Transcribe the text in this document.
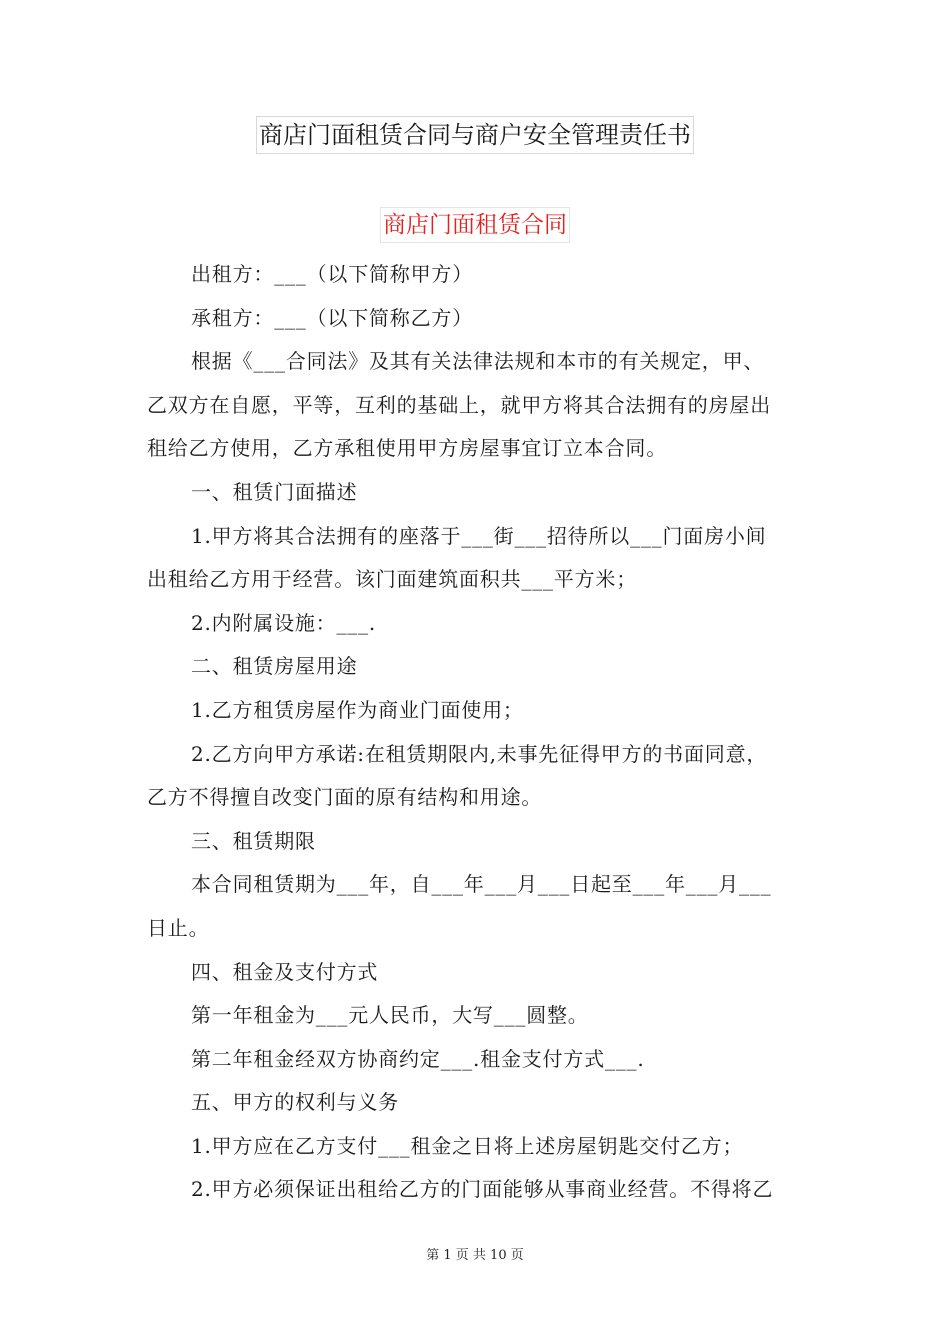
商店门面租赁合同与商户安全管理责任书
商店门面租赁合同

出租方：___（以下简称甲方）

承租方：___（以下简称乙方）

根据《___合同法》及其有关法律法规和本市的有关规定，甲、

乙双方在自愿，平等，互利的基础上，就甲方将其合法拥有的房屋出

租给乙方使用，乙方承租使用甲方房屋事宜订立本合同。

一、租赁门面描述

1.甲方将其合法拥有的座落于___街___招待所以___门面房小间

出租给乙方用于经营。该门面建筑面积共___平方米；

2.内附属设施：___.

二、租赁房屋用途

1.乙方租赁房屋作为商业门面使用；

2.乙方向甲方承诺:在租赁期限内,未事先征得甲方的书面同意，

乙方不得擅自改变门面的原有结构和用途。

三、租赁期限

本合同租赁期为___年，自___年___月___日起至___年___月___

日止。

四、租金及支付方式

第一年租金为___元人民币，大写___圆整。

第二年租金经双方协商约定___.租金支付方式___.

五、甲方的权利与义务

1.甲方应在乙方支付___租金之日将上述房屋钥匙交付乙方；

2.甲方必须保证出租给乙方的门面能够从事商业经营。不得将乙

第 1 页 共 10 页
